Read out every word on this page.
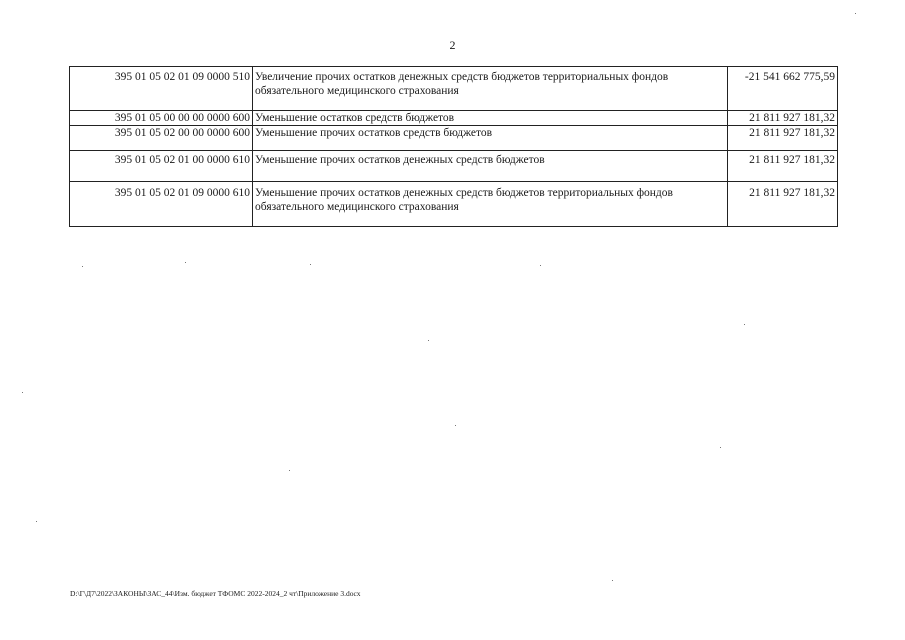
2
395 01 05 02 01 09 0000 510	Увеличение прочих остатков денежных средств бюджетов территориальных фондов обязательного медицинского страхования	-21 541 662 775,59
395 01 05 00 00 00 0000 600	Уменьшение остатков средств бюджетов	21 811 927 181,32
395 01 05 02 00 00 0000 600	Уменьшение прочих остатков средств бюджетов	21 811 927 181,32
395 01 05 02 01 00 0000 610	Уменьшение прочих остатков денежных средств бюджетов	21 811 927 181,32
395 01 05 02 01 09 0000 610	Уменьшение прочих остатков денежных средств бюджетов территориальных фондов обязательного медицинского страхования	21 811 927 181,32
D:\Г\Д7\2022\ЗАКОНЫ\ЗАС_44\Изм. бюджет ТФОМС 2022-2024_2 чт\Приложение 3.docx
